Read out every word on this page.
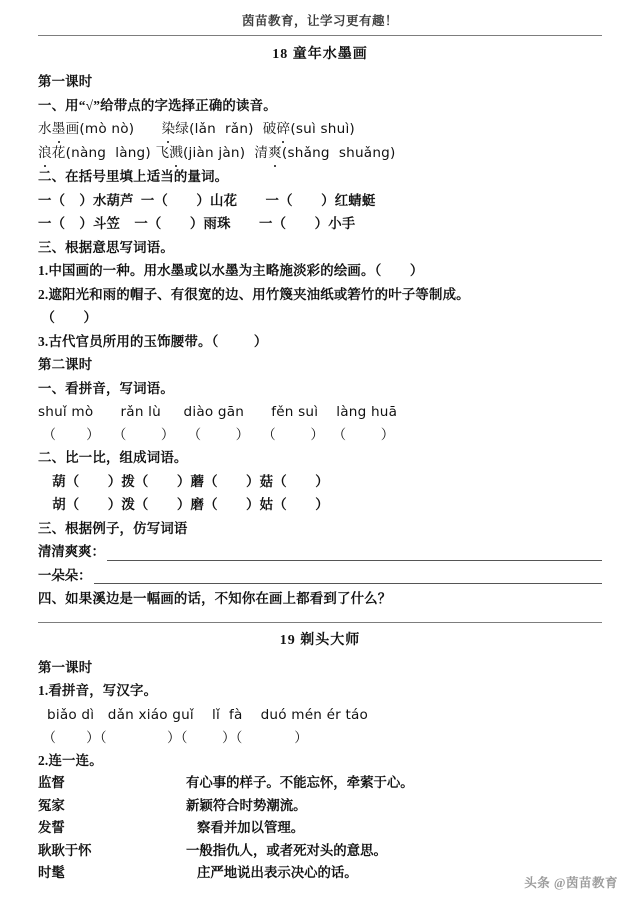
茵苗教育，让学习更有趣！
18 童年水墨画
第一课时
一、用“√”给带点的字选择正确的读音。
水墨画(mò nò) 染绿(lǎn rǎn) 破碎(suì shuì)
浪花(nàng làng) 飞溅(jiàn jàn) 清爽(shǎng shuǎng)
二、在括号里填上适当的量词。
一（    ）水葫芦  一（        ）山花        一（        ）红蜻蜓
一（    ）斗笠    一（        ）雨珠        一（        ）小手
三、根据意思写词语。
1.中国画的一种。用水墨或以水墨为主略施淡彩的绘画。（        ）
2.遮阳光和雨的帽子、有很宽的边、用竹篾夹油纸或箬竹的叶子等制成。
（        ）
3.古代官员所用的玉饰腰带。（          ）
第二课时
一、看拼音，写词语。
shuǐ mò      rǎn lù     diào gān      fěn suì    làng huā
（       ）   （        ）   （        ）   （        ）  （        ）
二、比一比，组成词语。
葫（        ）拨（        ）蘑（        ）菇（        ）
胡（        ）泼（        ）磨（        ）姑（        ）
三、根据例子，仿写词语
清清爽爽：
一朵朵：
四、如果溪边是一幅画的话，不知你在画上都看到了什么？
19 剃头大师
第一课时
1.看拼音，写汉字。
biǎo dì   dǎn xiáo guǐ    lǐ  fà    duó mén ér táo
（       ）（              ）（        ）（            ）
2.连一连。
监督	有心事的样子。不能忘怀，牵萦于心。
冤家	新颖符合时势潮流。
发誓	察看并加以管理。
耿耿于怀	一般指仇人，或者死对头的意思。
时髦	庄严地说出表示决心的话。
头条 @茵苗教育
